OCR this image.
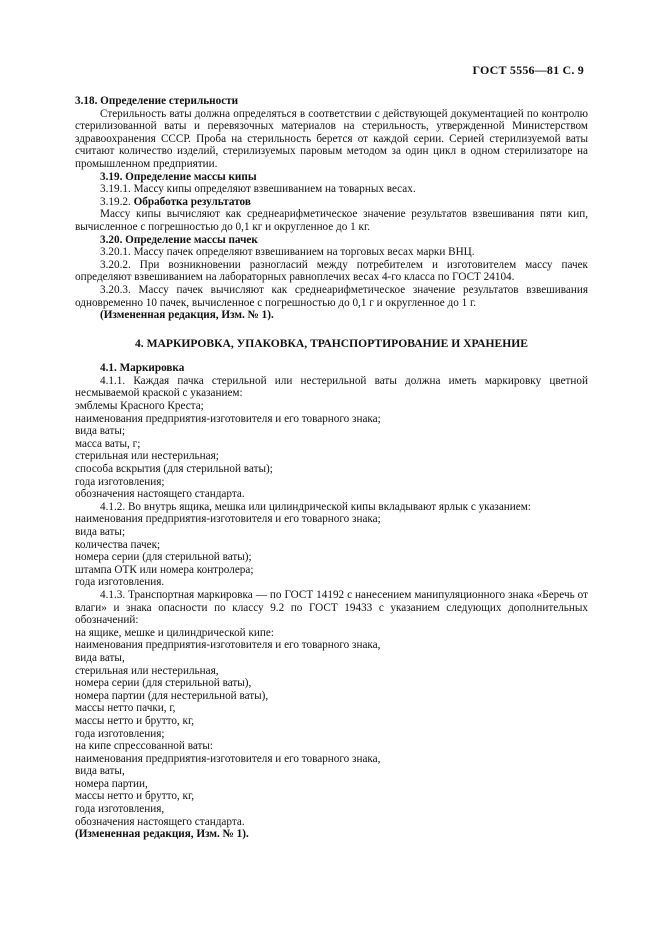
ГОСТ 5556—81 С. 9

3.18. Определение стерильности

Стерильность ваты должна определяться в соответствии с действующей документацией по контролю стерилизованной ваты и перевязочных материалов на стерильность, утвержденной Министерством здравоохранения СССР. Проба на стерильность берется от каждой серии. Серией стерилизуемой ваты считают количество изделий, стерилизуемых паровым методом за один цикл в одном стерилизаторе на промышленном предприятии.

3.19. Определение массы кипы

3.19.1. Массу кипы определяют взвешиванием на товарных весах.

3.19.2. Обработка результатов

Массу кипы вычисляют как среднеарифметическое значение результатов взвешивания пяти кип, вычисленное с погрешностью до 0,1 кг и округленное до 1 кг.

3.20. Определение массы пачек

3.20.1. Массу пачек определяют взвешиванием на торговых весах марки ВНЦ.

3.20.2. При возникновении разногласий между потребителем и изготовителем массу пачек определяют взвешиванием на лабораторных равноплечих весах 4-го класса по ГОСТ 24104.

3.20.3. Массу пачек вычисляют как среднеарифметическое значение результатов взвешивания одновременно 10 пачек, вычисленное с погрешностью до 0,1 г и округленное до 1 г.

(Измененная редакция, Изм. № 1).

4. МАРКИРОВКА, УПАКОВКА, ТРАНСПОРТИРОВАНИЕ И ХРАНЕНИЕ

4.1. Маркировка

4.1.1. Каждая пачка стерильной или нестерильной ваты должна иметь маркировку цветной несмываемой краской с указанием:

эмблемы Красного Креста;

наименования предприятия-изготовителя и его товарного знака;

вида ваты;

масса ваты, г;

стерильная или нестерильная;

способа вскрытия (для стерильной ваты);

года изготовления;

обозначения настоящего стандарта.

4.1.2. Во внутрь ящика, мешка или цилиндрической кипы вкладывают ярлык с указанием:

наименования предприятия-изготовителя и его товарного знака;

вида ваты;

количества пачек;

номера серии (для стерильной ваты);

штампа ОТК или номера контролера;

года изготовления.

4.1.3. Транспортная маркировка — по ГОСТ 14192 с нанесением манипуляционного знака «Беречь от влаги» и знака опасности по классу 9.2 по ГОСТ 19433 с указанием следующих дополнительных обозначений:

на ящике, мешке и цилиндрической кипе:

наименования предприятия-изготовителя и его товарного знака,

вида ваты,

стерильная или нестерильная,

номера серии (для стерильной ваты),

номера партии (для нестерильной ваты),

массы нетто пачки, г,

массы нетто и брутто, кг,

года изготовления;

на кипе спрессованной ваты:

наименования предприятия-изготовителя и его товарного знака,

вида ваты,

номера партии,

массы нетто и брутто, кг,

года изготовления,

обозначения настоящего стандарта.

(Измененная редакция, Изм. № 1).
